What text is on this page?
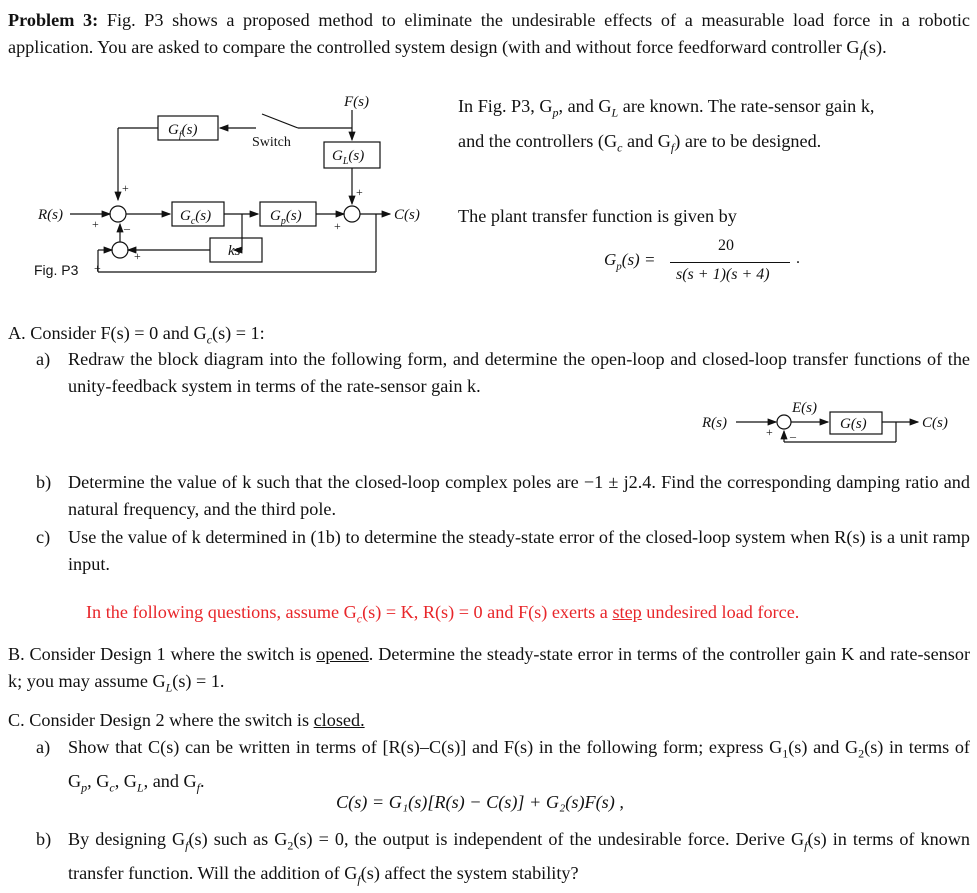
Problem 3: Fig. P3 shows a proposed method to eliminate the undesirable effects of a measurable load force in a robotic application. You are asked to compare the controlled system design (with and without force feedforward controller $G_f(s)$.
F(s)
$G_f(s)$
Switch
$G_L(s)$
R(s)	$G_c(s)$	$G_p(s)$	C(s)
ks
+
+ –
+
+
+
+
Fig. P3
In Fig. P3, $G_p$, and $G_L$ are known. The rate-sensor gain k,
and the controllers ($G_c$ and $G_f$) are to be designed.
The plant transfer function is given by
$G_p(s)$ =
20
s(s + 1)(s + 4)
.
A. Consider F(s) = 0 and $G_c(s) = 1$:
a) Redraw the block diagram into the following form, and determine the open-loop and closed-loop transfer functions of the unity-feedback system in terms of the rate-sensor gain k.
R(s)
E(s)
G(s)	C(s)
+ –
b) Determine the value of k such that the closed-loop complex poles are −1 ± j2.4. Find the corresponding damping ratio and natural frequency, and the third pole.
c) Use the value of k determined in (1b) to determine the steady-state error of the closed-loop system when R(s) is a unit ramp input.
In the following questions, assume $G_c(s) = K$, R(s) = 0 and F(s) exerts a step undesired load force.
B. Consider Design 1 where the switch is opened. Determine the steady-state error in terms of the controller gain K and rate-sensor k; you may assume $G_L(s) = 1$.
C. Consider Design 2 where the switch is closed.
a) Show that C(s) can be written in terms of [R(s)–C(s)] and F(s) in the following form; express $G_1(s)$ and $G_2(s)$ in terms of $G_p$, $G_c$, $G_L$, and $G_f$.
C(s) = G₁(s)[R(s) − C(s)] + G₂(s)F(s) ,
b) By designing $G_f(s)$ such as $G_2(s) = 0$, the output is independent of the undesirable force. Derive $G_f(s)$ in terms of known transfer function. Will the addition of $G_f(s)$ affect the system stability?
